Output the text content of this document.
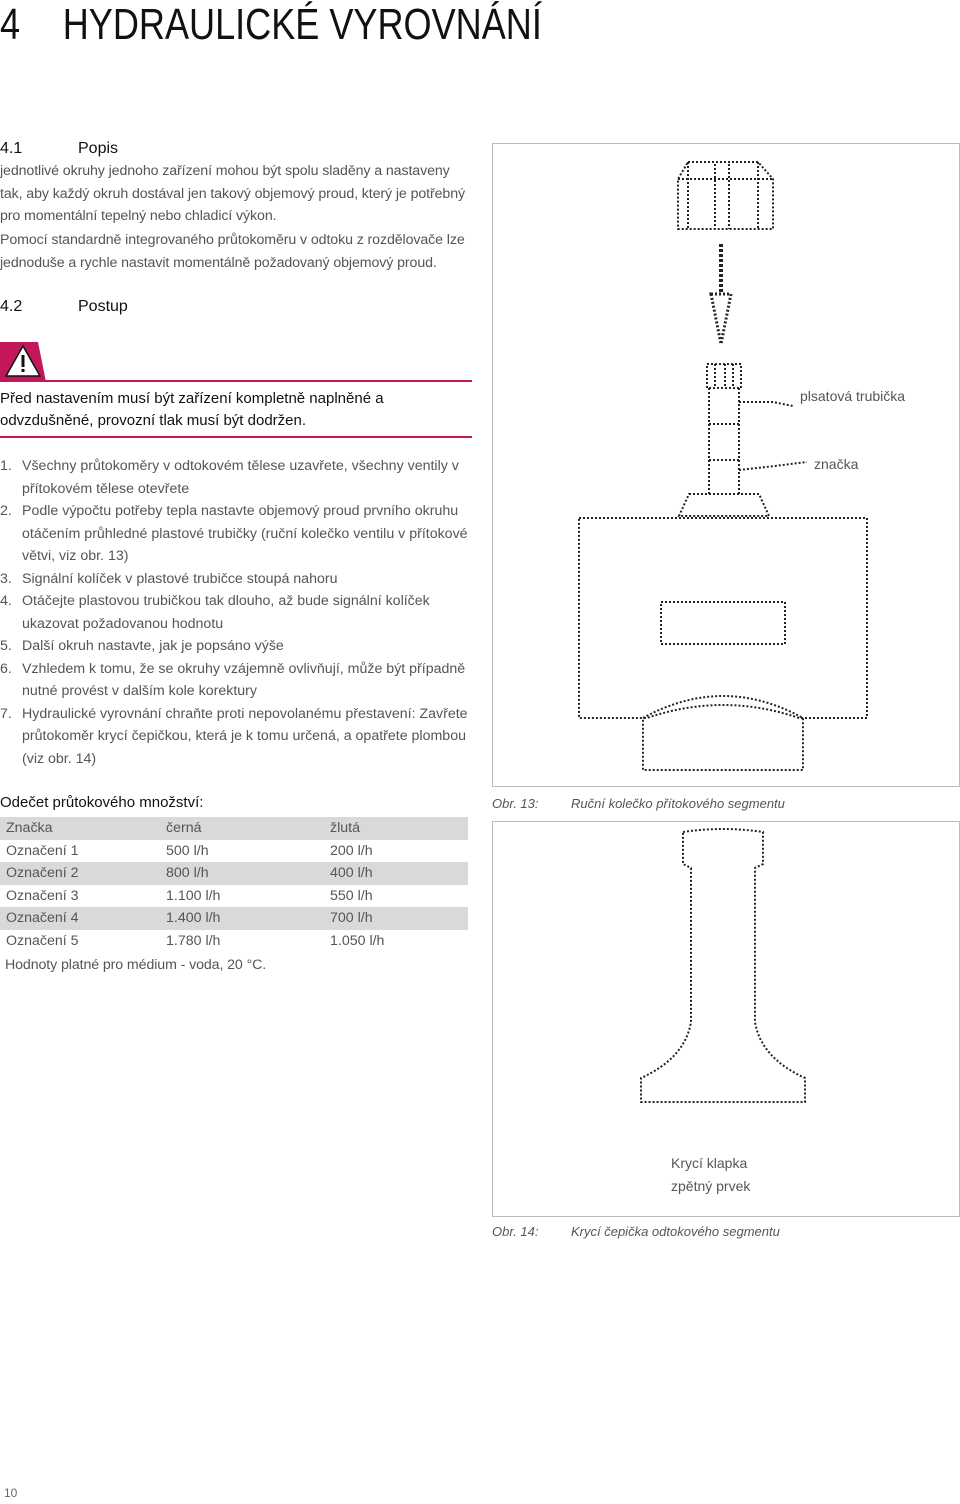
4 HYDRAULICKÉ VYROVNÁNÍ
4.1	Popis
jednotlivé okruhy jednoho zařízení mohou být spolu sladěny a nastaveny tak, aby každý okruh dostával jen takový objemový proud, který je potřebný pro momentální tepelný nebo chladicí výkon.
Pomocí standardně integrovaného průtokoměru v odtoku z rozdělovače lze jednoduše a rychle nastavit momentálně požadovaný objemový proud.
4.2	Postup
Před nastavením musí být zařízení kompletně naplněné a odvzdušněné, provozní tlak musí být dodržen.
1. Všechny průtokoměry v odtokovém tělese uzavřete, všechny ventily v přítokovém tělese otevřete
2. Podle výpočtu potřeby tepla nastavte objemový proud prvního okruhu otáčením průhledné plastové trubičky (ruční kolečko ventilu v přítokové větvi, viz obr. 13)
3. Signální kolíček v plastové trubičce stoupá nahoru
4. Otáčejte plastovou trubičkou tak dlouho, až bude signální kolíček ukazovat požadovanou hodnotu
5. Další okruh nastavte, jak je popsáno výše
6. Vzhledem k tomu, že se okruhy vzájemně ovlivňují, může být případně nutné provést v dalším kole korektury
7. Hydraulické vyrovnání chraňte proti nepovolanému přestavení: Zavřete průtokoměr krycí čepičkou, která je k tomu určená, a opatřete plombou (viz obr. 14)
Odečet průtokového množství:
Značka	černá	žlutá
Označení 1	500 l/h	200 l/h
Označení 2	800 l/h	400 l/h
Označení 3	1.100 l/h	550 l/h
Označení 4	1.400 l/h	700 l/h
Označení 5	1.780 l/h	1.050 l/h
Hodnoty platné pro médium - voda, 20 °C.
plsatová trubička
značka
Obr. 13:	Ruční kolečko přítokového segmentu
Krycí klapka
zpětný prvek
Obr. 14:	Krycí čepička odtokového segmentu
10
